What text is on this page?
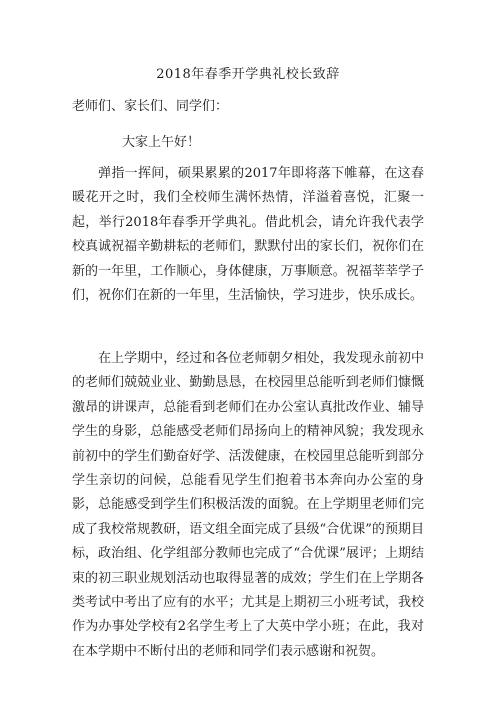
2018年春季开学典礼校长致辞
老师们、家长们、同学们：
大家上午好！

弹指一挥间，硕果累累的2017年即将落下帷幕，在这春暖花开之时，我们全校师生满怀热情，洋溢着喜悦，汇聚一起，举行2018年春季开学典礼。借此机会，请允许我代表学校真诚祝福辛勤耕耘的老师们，默默付出的家长们，祝你们在新的一年里，工作顺心，身体健康，万事顺意。祝福莘莘学子们，祝你们在新的一年里，生活愉快，学习进步，快乐成长。

在上学期中，经过和各位老师朝夕相处，我发现永前初中的老师们兢兢业业、勤勤恳恳，在校园里总能听到老师们慷慨激昂的讲课声，总能看到老师们在办公室认真批改作业、辅导学生的身影，总能感受老师们昂扬向上的精神风貌；我发现永前初中的学生们勤奋好学、活泼健康，在校园里总能听到部分学生亲切的问候，总能看见学生们抱着书本奔向办公室的身影，总能感受到学生们积极活泼的面貌。在上学期里老师们完成了我校常规教研，语文组全面完成了县级“合优课”的预期目标，政治组、化学组部分教师也完成了“合优课”展评；上期结束的初三职业规划活动也取得显著的成效；学生们在上学期各类考试中考出了应有的水平；尤其是上期初三小班考试，我校作为办事处学校有2名学生考上了大英中学小班；在此，我对在本学期中不断付出的老师和同学们表示感谢和祝贺。
